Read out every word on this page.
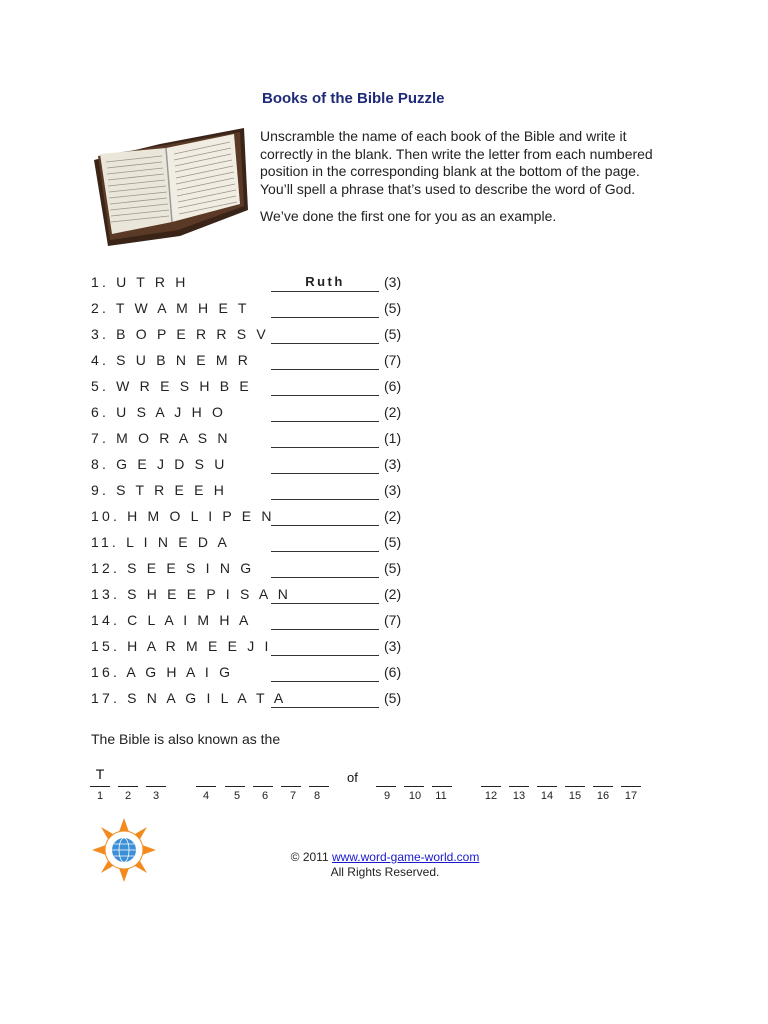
Books of the Bible Puzzle

Unscramble the name of each book of the Bible and write it correctly in the blank. Then write the letter from each numbered position in the corresponding blank at the bottom of the page. You’ll spell a phrase that’s used to describe the word of God.

We’ve done the first one for you as an example.

1. U T R H	Ruth	(3)
2. T W A M H E T	(5)
3. B O P E R R S V	(5)
4. S U B N E M R	(7)
5. W R E S H B E	(6)
6. U S A J H O	(2)
7. M O R A S N	(1)
8. G E J D S U	(3)
9. S T R E E H	(3)
10. H M O L I P E N	(2)
11. L I N E D A	(5)
12. S E E S I N G	(5)
13. S H E E P I S A N	(2)
14. C L A I M H A	(7)
15. H A R M E E J I	(3)
16. A G H A I G	(6)
17. S N A G I L A T A	(5)
The Bible is also known as the
T
1	2	3	4	5	6	7	8
of
9	10	11	12	13	14	15	16	17
© 2011 www.word-game-world.com
All Rights Reserved.
